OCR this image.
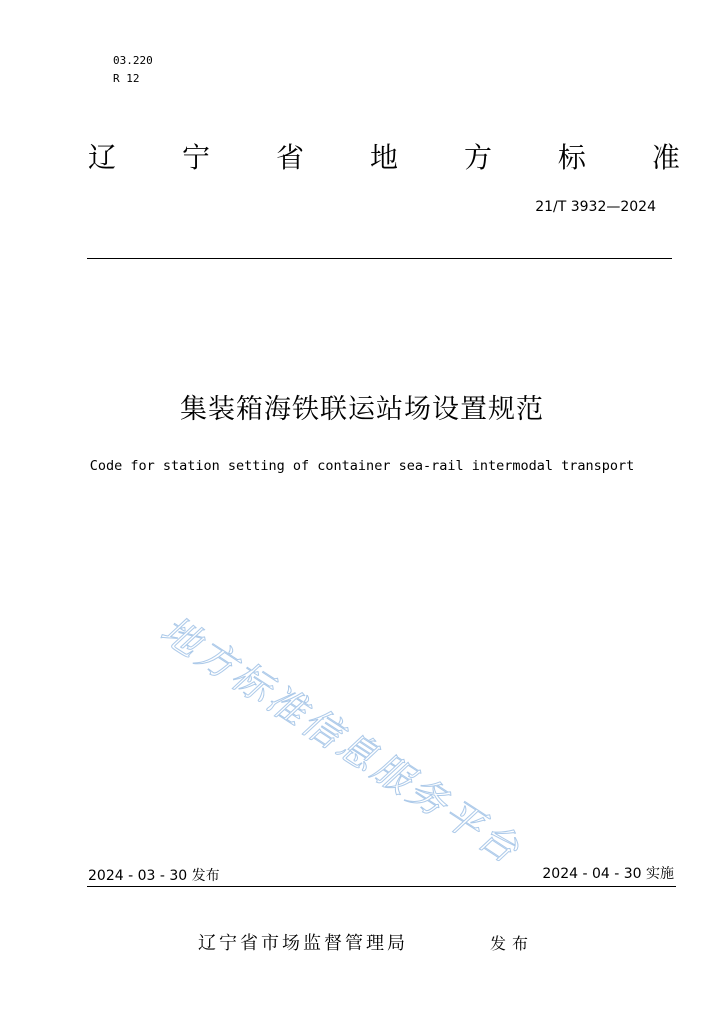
03.220
R 12
辽 宁 省 地 方 标 准
21/T 3932—2024
集装箱海铁联运站场设置规范
Code for station setting of container sea-rail intermodal transport
地方标准信息服务平台
2024 - 03 - 30 发布	2024 - 04 - 30 实施
辽宁省市场监督管理局	发布
